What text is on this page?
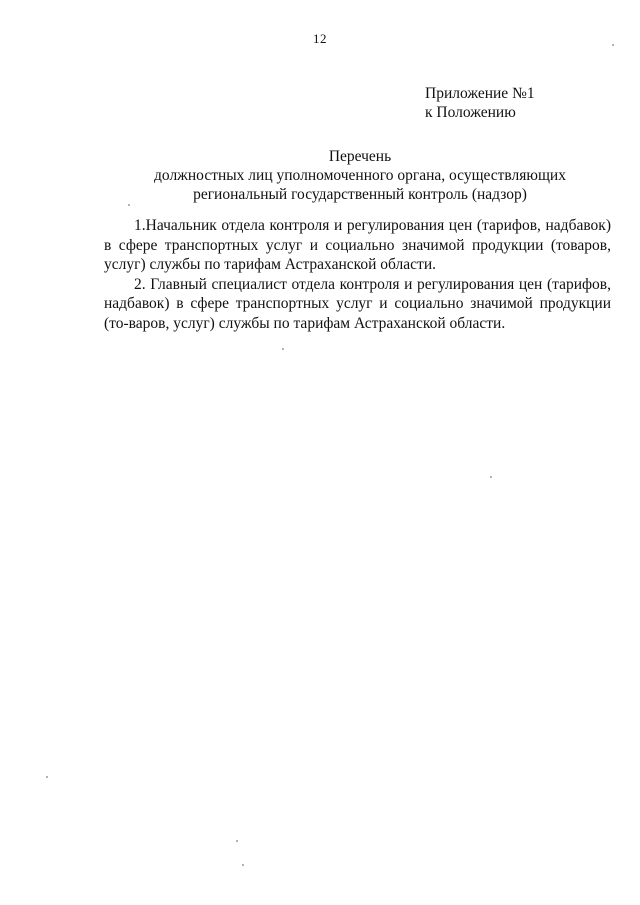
12
Приложение №1
к Положению
Перечень
должностных лиц уполномоченного органа, осуществляющих
региональный государственный контроль (надзор)

1.Начальник отдела контроля и регулирования цен (тарифов, надбавок) в сфере транспортных услуг и социально значимой продукции (товаров, услуг) службы по тарифам Астраханской области.

2. Главный специалист отдела контроля и регулирования цен (тарифов, надбавок) в сфере транспортных услуг и социально значимой продукции (то-варов, услуг) службы по тарифам Астраханской области.
